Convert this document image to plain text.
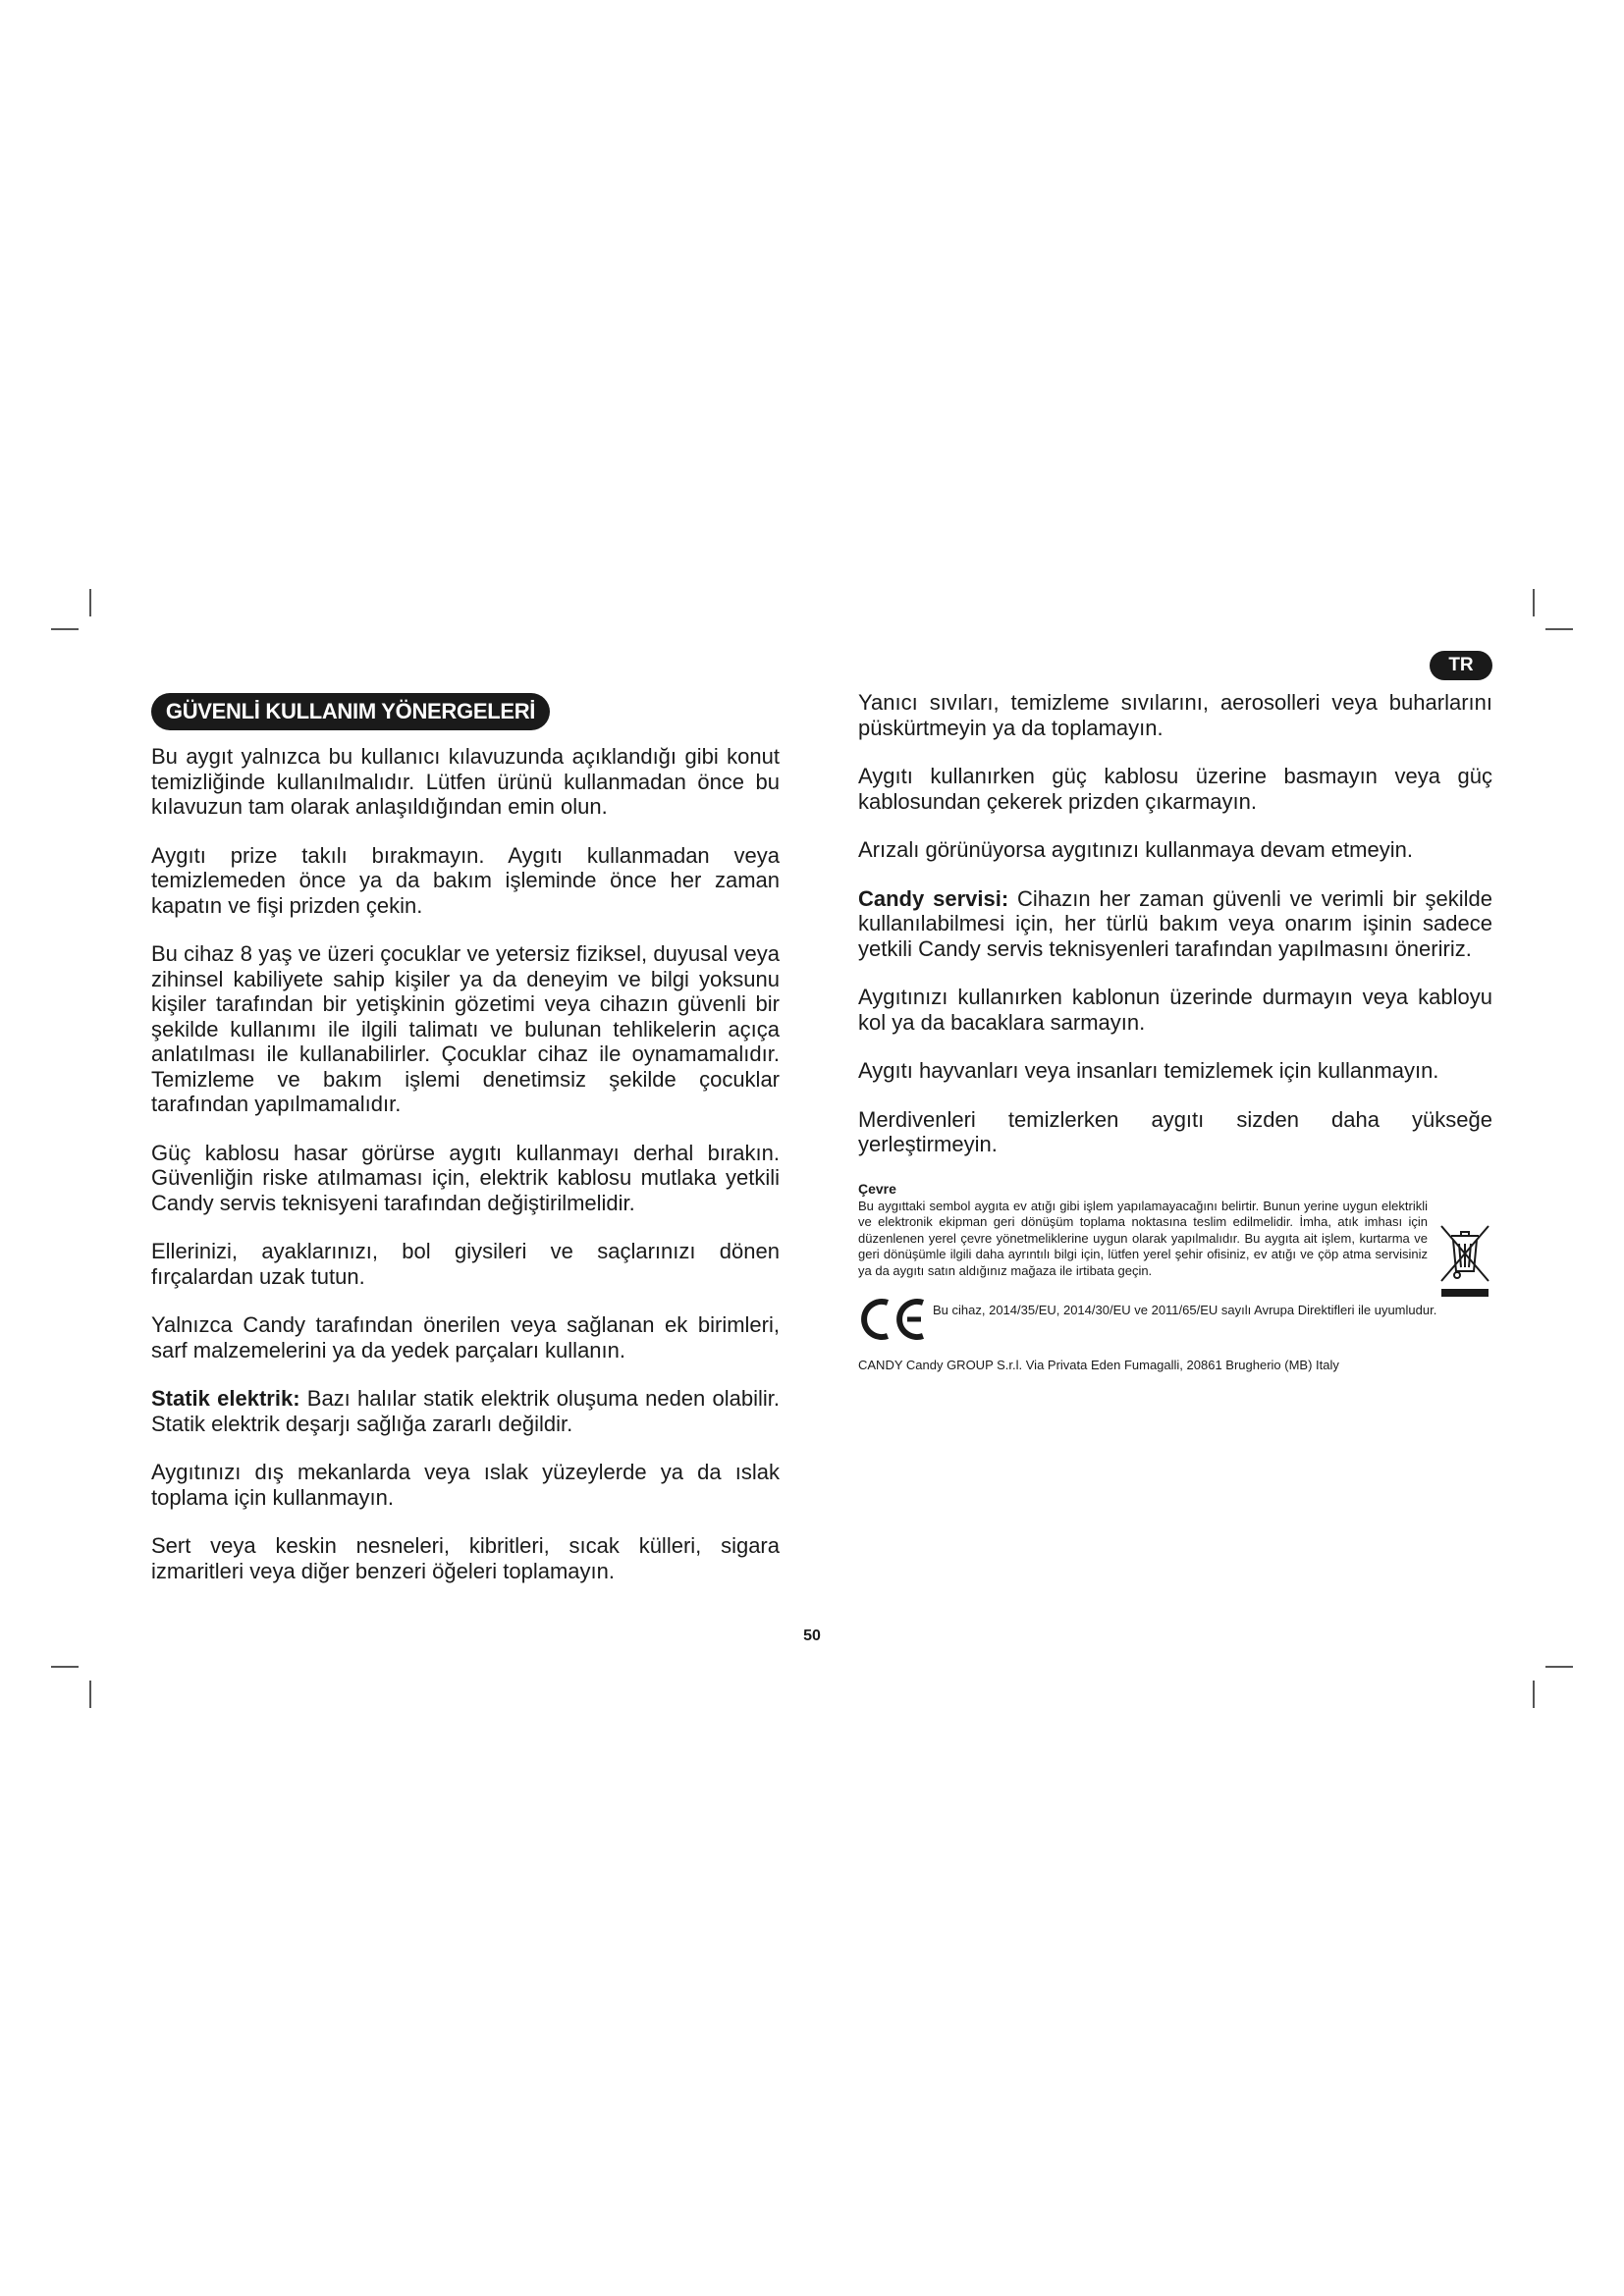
TR
GÜVENLİ KULLANIM YÖNERGELERİ

Bu aygıt yalnızca bu kullanıcı kılavuzunda açıklandığı gibi konut temizliğinde kullanılmalıdır. Lütfen ürünü kullanmadan önce bu kılavuzun tam olarak anlaşıldığından emin olun.

Aygıtı prize takılı bırakmayın. Aygıtı kullanmadan veya temizlemeden önce ya da bakım işleminde önce her zaman kapatın ve fişi prizden çekin.

Bu cihaz 8 yaş ve üzeri çocuklar ve yetersiz fiziksel, duyusal veya zihinsel kabiliyete sahip kişiler ya da deneyim ve bilgi yoksunu kişiler tarafından bir yetişkinin gözetimi veya cihazın güvenli bir şekilde kullanımı ile ilgili talimatı ve bulunan tehlikelerin açıça anlatılması ile kullanabilirler. Çocuklar cihaz ile oynamamalıdır. Temizleme ve bakım işlemi denetimsiz şekilde çocuklar tarafından yapılmamalıdır.

Güç kablosu hasar görürse aygıtı kullanmayı derhal bırakın. Güvenliğin riske atılmaması için, elektrik kablosu mutlaka yetkili Candy servis teknisyeni tarafından değiştirilmelidir.

Ellerinizi, ayaklarınızı, bol giysileri ve saçlarınızı dönen fırçalardan uzak tutun.

Yalnızca Candy tarafından önerilen veya sağlanan ek birimleri, sarf malzemelerini ya da yedek parçaları kullanın.

Statik elektrik: Bazı halılar statik elektrik oluşuma neden olabilir. Statik elektrik deşarjı sağlığa zararlı değildir.

Aygıtınızı dış mekanlarda veya ıslak yüzeylerde ya da ıslak toplama için kullanmayın.

Sert veya keskin nesneleri, kibritleri, sıcak külleri, sigara izmaritleri veya diğer benzeri öğeleri toplamayın.

Yanıcı sıvıları, temizleme sıvılarını, aerosolleri veya buharlarını püskürtmeyin ya da toplamayın.

Aygıtı kullanırken güç kablosu üzerine basmayın veya güç kablosundan çekerek prizden çıkarmayın.

Arızalı görünüyorsa aygıtınızı kullanmaya devam etmeyin.

Candy servisi: Cihazın her zaman güvenli ve verimli bir şekilde kullanılabilmesi için, her türlü bakım veya onarım işinin sadece yetkili Candy servis teknisyenleri tarafından yapılmasını öneririz.

Aygıtınızı kullanırken kablonun üzerinde durmayın veya kabloyu kol ya da bacaklara sarmayın.

Aygıtı hayvanları veya insanları temizlemek için kullanmayın.

Merdivenleri temizlerken aygıtı sizden daha yükseğe yerleştirmeyin.

Çevre

Bu aygıttaki sembol aygıta ev atığı gibi işlem yapılamayacağını belirtir. Bunun yerine uygun elektrikli ve elektronik ekipman geri dönüşüm toplama noktasına teslim edilmelidir. İmha, atık imhası için düzenlenen yerel çevre yönetmeliklerine uygun olarak yapılmalıdır. Bu aygıta ait işlem, kurtarma ve geri dönüşümle ilgili daha ayrıntılı bilgi için, lütfen yerel şehir ofisiniz, ev atığı ve çöp atma servisiniz ya da aygıtı satın aldığınız mağaza ile irtibata geçin.

Bu cihaz, 2014/35/EU, 2014/30/EU ve 2011/65/EU sayılı Avrupa Direktifleri ile uyumludur.

CANDY Candy GROUP S.r.l. Via Privata Eden Fumagalli, 20861 Brugherio (MB) Italy
50
